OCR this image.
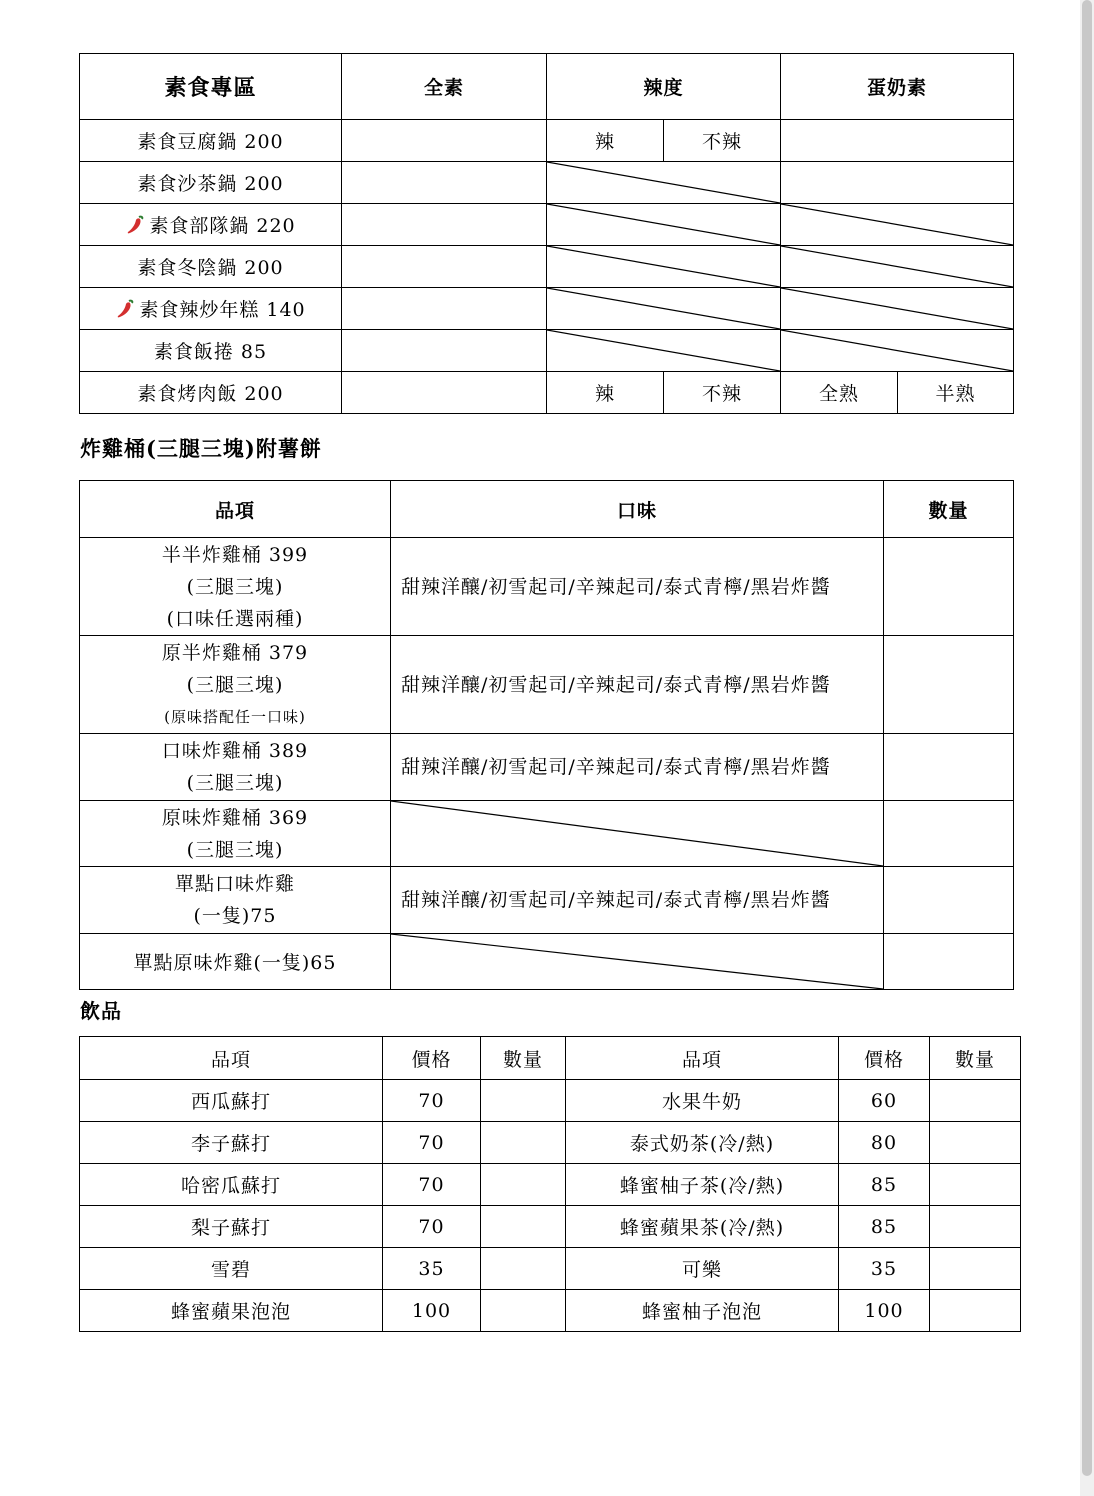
素食專區	全素	辣度		蛋奶素	
素食豆腐鍋 200		辣	不辣		
素食沙茶鍋 200		

素食部隊鍋 220		

素食冬陰鍋 200		

素食辣炒年糕 140		

素食飯捲 85		

素食烤肉飯 200		辣	不辣	全熟	半熟
炸雞桶(三腿三塊)附薯餅
品項	口味	數量

半半炸雞桶 399
(三腿三塊)
(口味任選兩種)	甜辣洋釀/初雪起司/辛辣起司/泰式青檸/黑岩炸醬	

原半炸雞桶 379
(三腿三塊)
(原味搭配任一口味)	甜辣洋釀/初雪起司/辛辣起司/泰式青檸/黑岩炸醬	

口味炸雞桶 389
(三腿三塊)	甜辣洋釀/初雪起司/辛辣起司/泰式青檸/黑岩炸醬	

原味炸雞桶 369
(三腿三塊)

單點口味炸雞
(一隻)75	甜辣洋釀/初雪起司/辛辣起司/泰式青檸/黑岩炸醬	
單點原味炸雞(一隻)65	

飲品
品項	價格	數量	品項	價格	數量
西瓜蘇打	70		水果牛奶	60	
李子蘇打	70		泰式奶茶(冷/熱)	80	
哈密瓜蘇打	70		蜂蜜柚子茶(冷/熱)	85	
梨子蘇打	70		蜂蜜蘋果茶(冷/熱)	85	
雪碧	35		可樂	35	
蜂蜜蘋果泡泡	100		蜂蜜柚子泡泡	100	
